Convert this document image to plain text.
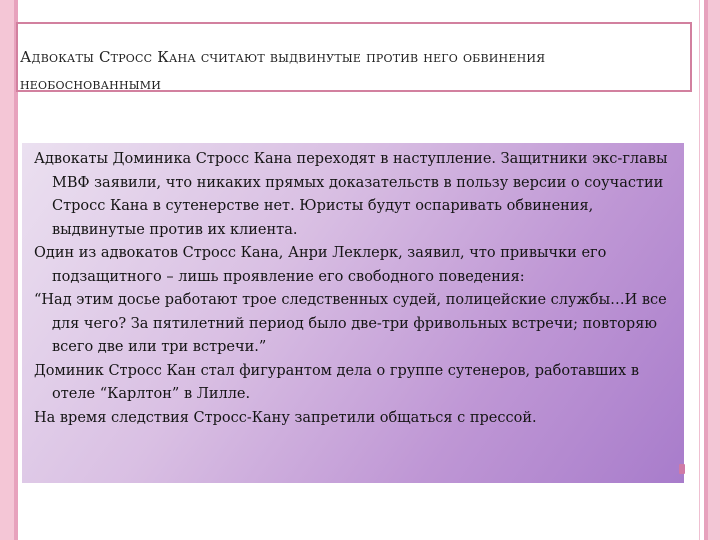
Адвокаты Стросс Кана считают выдвинутые против него обвинения необоснованными

Адвокаты Доминика Стросс Кана переходят в наступление. Защитники экс-главы МВФ заявили, что никаких прямых доказательств в пользу версии о соучастии Стросс Кана в сутенерстве нет. Юристы будут оспаривать обвинения, выдвинутые против их клиента.

Один из адвокатов Стросс Кана, Анри Леклерк, заявил, что привычки его подзащитного – лишь проявление его свободного поведения:

“Над этим досье работают трое следственных судей, полицейские службы…И все для чего? За пятилетний период было две-три фривольных встречи; повторяю всего две или три встречи.”

Доминик Стросс Кан стал фигурантом дела о группе сутенеров, работавших в отеле “Карлтон” в Лилле.

На время следствия Стросс-Кану запретили общаться с прессой.
